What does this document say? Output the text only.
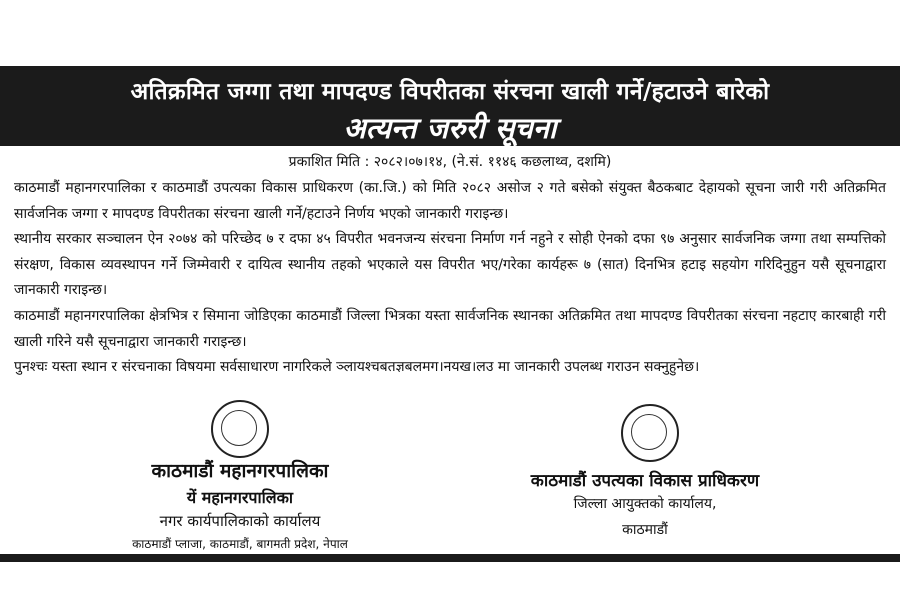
अतिक्रमित जग्गा तथा मापदण्ड विपरीतका संरचना खाली गर्ने/हटाउने बारेको
अत्यन्त जरुरी सूचना
प्रकाशित मिति : २०८२।०७।१४, (ने.सं. ११४६ कछलाथ्व, दशमि)

काठमाडौं महानगरपालिका र काठमाडौं उपत्यका विकास प्राधिकरण (का.जि.) को मिति २०८२ असोज २ गते बसेको संयुक्त बैठकबाट देहायको सूचना जारी गरी अतिक्रमित सार्वजनिक जग्गा र मापदण्ड विपरीतका संरचना खाली गर्ने/हटाउने निर्णय भएको जानकारी गराइन्छ।

स्थानीय सरकार सञ्चालन ऐन २०७४ को परिच्छेद ७ र दफा ४५ विपरीत भवनजन्य संरचना निर्माण गर्न नहुने र सोही ऐनको दफा ९७ अनुसार सार्वजनिक जग्गा तथा सम्पत्तिको संरक्षण, विकास व्यवस्थापन गर्ने जिम्मेवारी र दायित्व स्थानीय तहको भएकाले यस विपरीत भए/गरेका कार्यहरू ७ (सात) दिनभित्र हटाइ सहयोग गरिदिनुहुन यसै सूचनाद्वारा जानकारी गराइन्छ।

काठमाडौं महानगरपालिका क्षेत्रभित्र र सिमाना जोडिएका काठमाडौं जिल्ला भित्रका यस्ता सार्वजनिक स्थानका अतिक्रमित तथा मापदण्ड विपरीतका संरचना नहटाए कारबाही गरी खाली गरिने यसै सूचनाद्वारा जानकारी गराइन्छ।

पुनश्चः यस्ता स्थान र संरचनाका विषयमा सर्वसाधारण नागरिकले ञ्लायश्चबतज्ञबलमग।नयख।लउ मा जानकारी उपलब्ध गराउन सक्नुहुनेछ।

काठमाडौं महानगरपालिका
यें महानगरपालिका
नगर कार्यपालिकाको कार्यालय
काठमाडौं प्लाजा, काठमाडौं, बागमती प्रदेश, नेपाल
काठमाडौं उपत्यका विकास प्राधिकरण
जिल्ला आयुक्तको कार्यालय,
काठमाडौं
